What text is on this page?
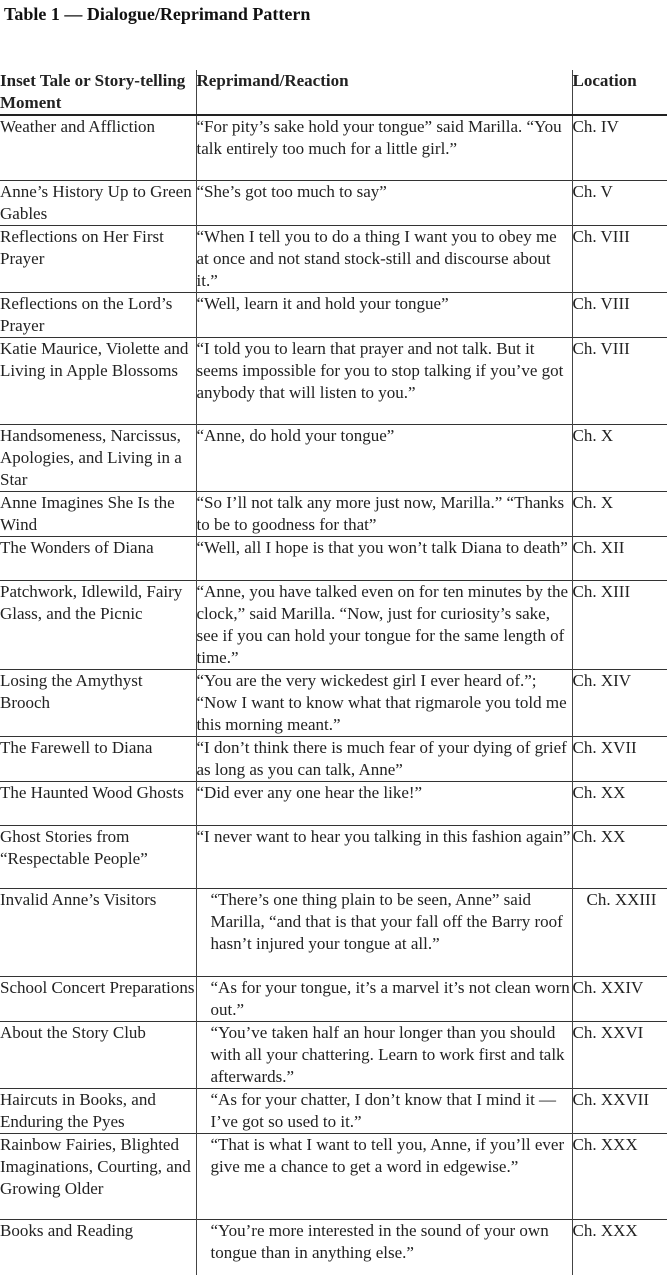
Table 1 — Dialogue/Reprimand Pattern
Inset Tale or Story-telling Moment	Reprimand/Reaction	Location
Weather and Affliction	“For pity’s sake hold your tongue” said Marilla. “You talk entirely too much for a little girl.”	Ch. IV
Anne’s History Up to Green Gables	“She’s got too much to say”	Ch. V
Reflections on Her First Prayer	“When I tell you to do a thing I want you to obey me at once and not stand stock-still and discourse about it.”	Ch. VIII
Reflections on the Lord’s Prayer	“Well, learn it and hold your tongue”	Ch. VIII
Katie Maurice, Violette and Living in Apple Blossoms	“I told you to learn that prayer and not talk. But it seems impossible for you to stop talking if you’ve got anybody that will listen to you.”	Ch. VIII
Handsomeness, Narcissus, Apologies, and Living in a Star	“Anne, do hold your tongue”	Ch. X
Anne Imagines She Is the Wind	“So I’ll not talk any more just now, Marilla.” “Thanks to be to goodness for that”	Ch. X
The Wonders of Diana	“Well, all I hope is that you won’t talk Diana to death”	Ch. XII
Patchwork, Idlewild, Fairy Glass, and the Picnic	“Anne, you have talked even on for ten minutes by the clock,” said Marilla. “Now, just for curiosity’s sake, see if you can hold your tongue for the same length of time.”	Ch. XIII
Losing the Amythyst Brooch	“You are the very wickedest girl I ever heard of.”; “Now I want to know what that rigmarole you told me this morning meant.”	Ch. XIV
The Farewell to Diana	“I don’t think there is much fear of your dying of grief as long as you can talk, Anne”	Ch. XVII
The Haunted Wood Ghosts	“Did ever any one hear the like!”	Ch. XX
Ghost Stories from “Respectable People”	“I never want to hear you talking in this fashion again”	Ch. XX
Invalid Anne’s Visitors	“There’s one thing plain to be seen, Anne” said Marilla, “and that is that your fall off the Barry roof hasn’t injured your tongue at all.”	Ch. XXIII
School Concert Preparations	“As for your tongue, it’s a marvel it’s not clean worn out.”	Ch. XXIV
About the Story Club	“You’ve taken half an hour longer than you should with all your chattering. Learn to work first and talk afterwards.”	Ch. XXVI
Haircuts in Books, and Enduring the Pyes	“As for your chatter, I don’t know that I mind it — I’ve got so used to it.”	Ch. XXVII
Rainbow Fairies, Blighted Imaginations, Courting, and Growing Older	“That is what I want to tell you, Anne, if you’ll ever give me a chance to get a word in edgewise.”	Ch. XXX
Books and Reading	“You’re more interested in the sound of your own tongue than in anything else.”	Ch. XXX
